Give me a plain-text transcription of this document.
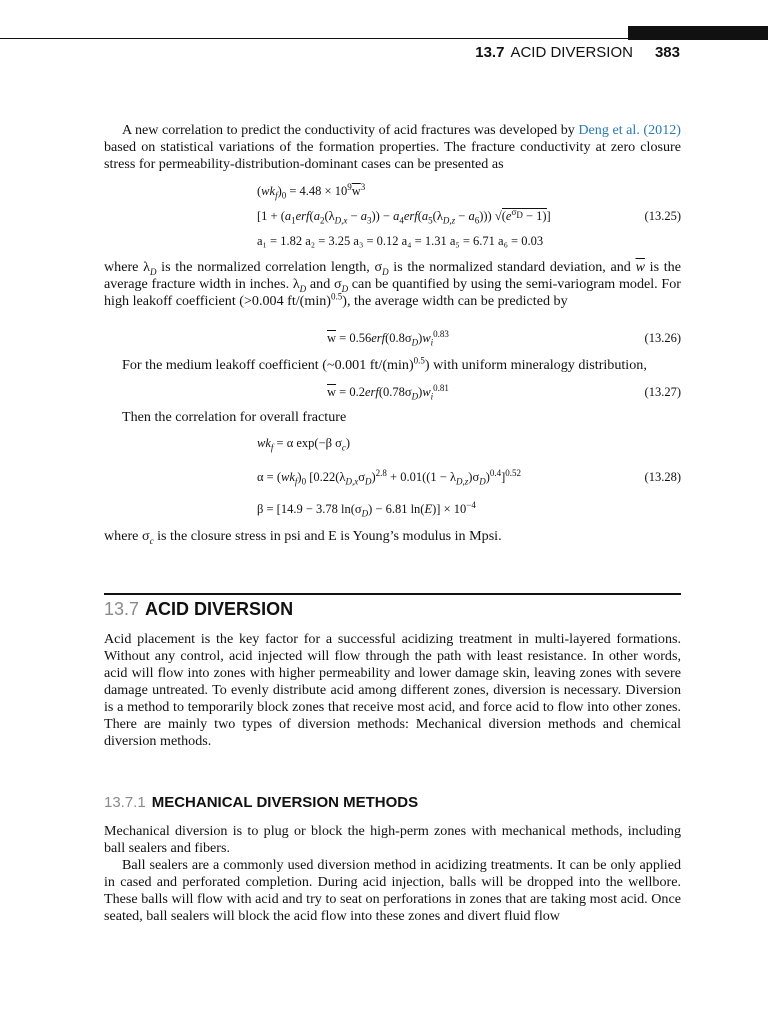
13.7 ACID DIVERSION 383

A new correlation to predict the conductivity of acid fractures was developed by Deng et al. (2012) based on statistical variations of the formation properties. The fracture conductivity at zero closure stress for permeability-distribution-dominant cases can be presented as

$(wk_f)_0 = 4.48 \times 10^9\overline{w}^3$
$[1 + (a_1erf(a_2(\lambda_{D,x} - a_3)) - a_4erf(a_5(\lambda_{D,z} - a_6))) √(e^{\sigma_D} - 1)]$	(13.25)
a₁ = 1.82 a₂ = 3.25 a₃ = 0.12 a₄ = 1.31 a₅ = 6.71 a₆ = 0.03

where $\lambda_D$ is the normalized correlation length, $\sigma_D$ is the normalized standard deviation, and $\overline{w}$ is the average fracture width in inches. $\lambda_D$ and $\sigma_D$ can be quantified by using the semi-variogram model. For high leakoff coefficient (>0.004 $ft/(\min)^{0.5}$), the average width can be predicted by

$\overline{w} = 0.56erf(0.8\sigma_D)w_i^{0.83}$	(13.26)

For the medium leakoff coefficient (~0.001 $ft/(\min)^{0.5}$) with uniform mineralogy distribution,

$\overline{w} = 0.2erf(0.78\sigma_D)w_i^{0.81}$	(13.27)

Then the correlation for overall fracture

$wk_f = \alpha$ exp(−β $\sigma_c$)
$\alpha = (wk_f)_0$ $[0.22(\lambda_{D,x}\sigma_D)^{2.8} + 0.01((1 - \lambda_{D,z})\sigma_D)^{0.4}]^{0.52}$	(13.28)
β = [14.9 − 3.78 $\ln(\sigma_D) - 6.81$ $\ln(E)] \times 10^{-4}$

where $\sigma_c$ is the closure stress in psi and E is Young’s modulus in Mpsi.

13.7 ACID DIVERSION

Acid placement is the key factor for a successful acidizing treatment in multi-layered formations. Without any control, acid injected will flow through the path with least resistance. In other words, acid will flow into zones with higher permeability and lower damage skin, leaving zones with severe damage untreated. To evenly distribute acid among different zones, diversion is necessary. Diversion is a method to temporarily block zones that receive most acid, and force acid to flow into other zones. There are mainly two types of diversion methods: Mechanical diversion methods and chemical diversion methods.

13.7.1 MECHANICAL DIVERSION METHODS

Mechanical diversion is to plug or block the high-perm zones with mechanical methods, including ball sealers and fibers.

Ball sealers are a commonly used diversion method in acidizing treatments. It can be only applied in cased and perforated completion. During acid injection, balls will be dropped into the wellbore. These balls will flow with acid and try to seat on perforations in zones that are taking most acid. Once seated, ball sealers will block the acid flow into these zones and divert fluid flow
